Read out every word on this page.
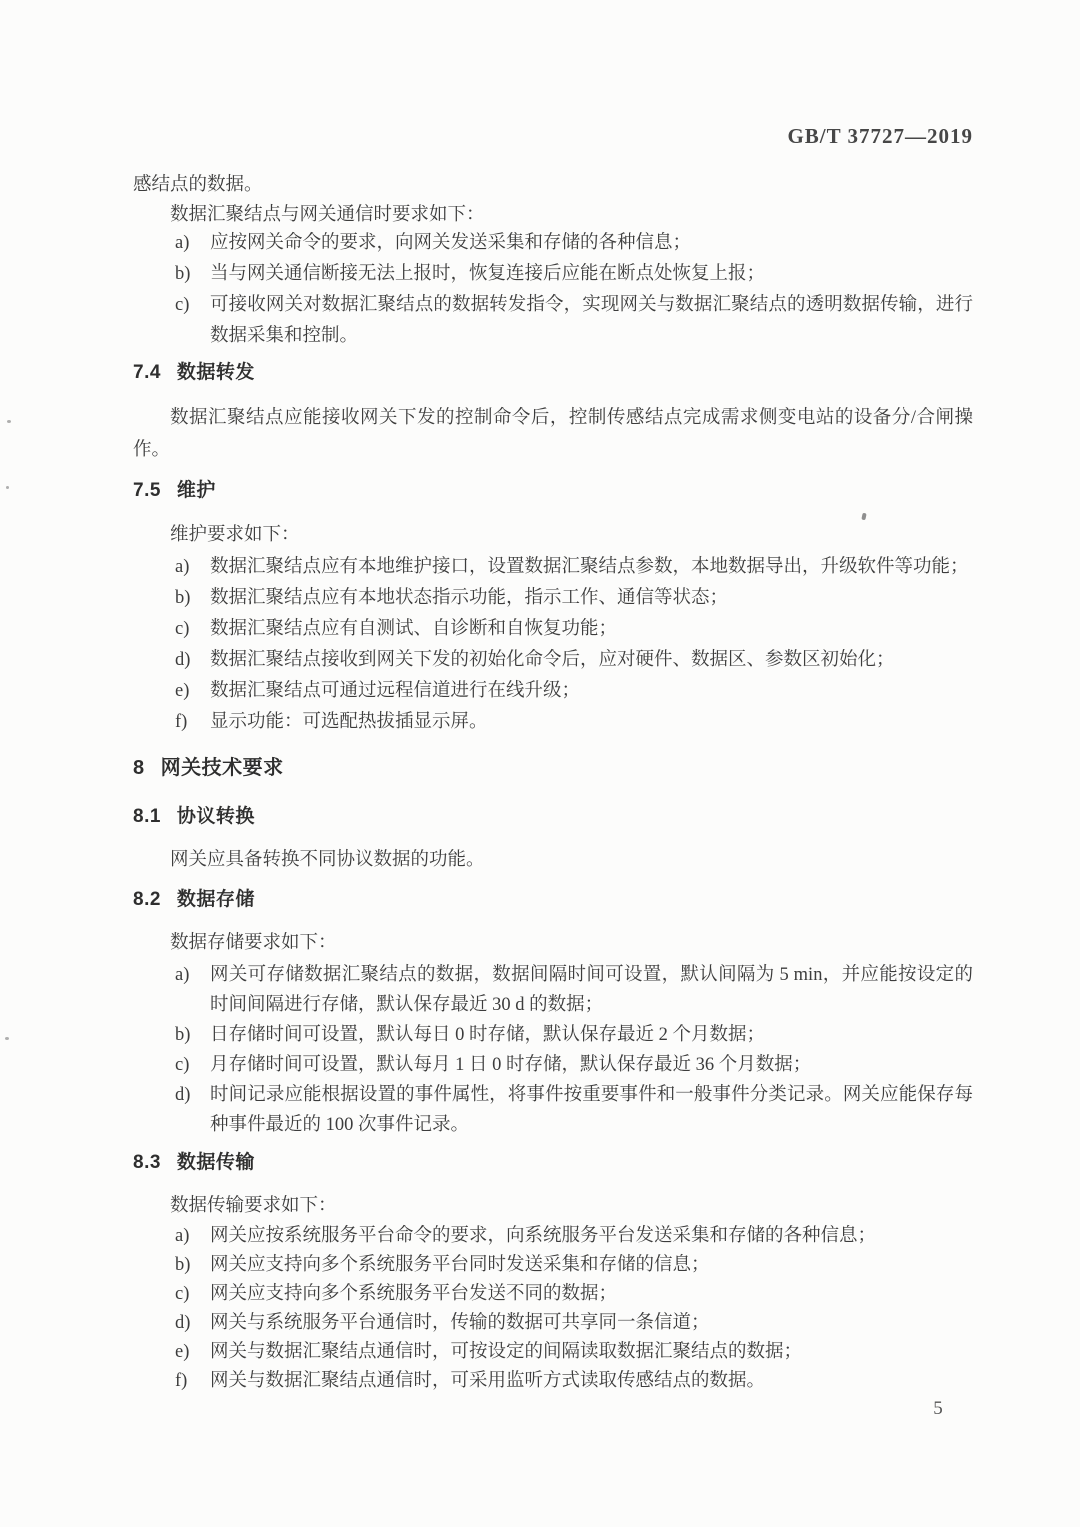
GB/T 37727—2019
感结点的数据。
数据汇聚结点与网关通信时要求如下：
a)	应按网关命令的要求，向网关发送采集和存储的各种信息；
b)	当与网关通信断接无法上报时，恢复连接后应能在断点处恢复上报；
c)	可接收网关对数据汇聚结点的数据转发指令，实现网关与数据汇聚结点的透明数据传输，进行数据采集和控制。
7.4 数据转发
数据汇聚结点应能接收网关下发的控制命令后，控制传感结点完成需求侧变电站的设备分/合闸操作。
7.5 维护
维护要求如下：
a)	数据汇聚结点应有本地维护接口，设置数据汇聚结点参数，本地数据导出，升级软件等功能；
b)	数据汇聚结点应有本地状态指示功能，指示工作、通信等状态；
c)	数据汇聚结点应有自测试、自诊断和自恢复功能；
d)	数据汇聚结点接收到网关下发的初始化命令后，应对硬件、数据区、参数区初始化；
e)	数据汇聚结点可通过远程信道进行在线升级；
f)	显示功能：可选配热拔插显示屏。
8 网关技术要求
8.1 协议转换
网关应具备转换不同协议数据的功能。
8.2 数据存储
数据存储要求如下：
a)	网关可存储数据汇聚结点的数据，数据间隔时间可设置，默认间隔为 5 min，并应能按设定的时间间隔进行存储，默认保存最近 30 d 的数据；
b)	日存储时间可设置，默认每日 0 时存储，默认保存最近 2 个月数据；
c)	月存储时间可设置，默认每月 1 日 0 时存储，默认保存最近 36 个月数据；
d)	时间记录应能根据设置的事件属性，将事件按重要事件和一般事件分类记录。网关应能保存每种事件最近的 100 次事件记录。
8.3 数据传输
数据传输要求如下：
a)	网关应按系统服务平台命令的要求，向系统服务平台发送采集和存储的各种信息；
b)	网关应支持向多个系统服务平台同时发送采集和存储的信息；
c)	网关应支持向多个系统服务平台发送不同的数据；
d)	网关与系统服务平台通信时，传输的数据可共享同一条信道；
e)	网关与数据汇聚结点通信时，可按设定的间隔读取数据汇聚结点的数据；
f)	网关与数据汇聚结点通信时，可采用监听方式读取传感结点的数据。
5
